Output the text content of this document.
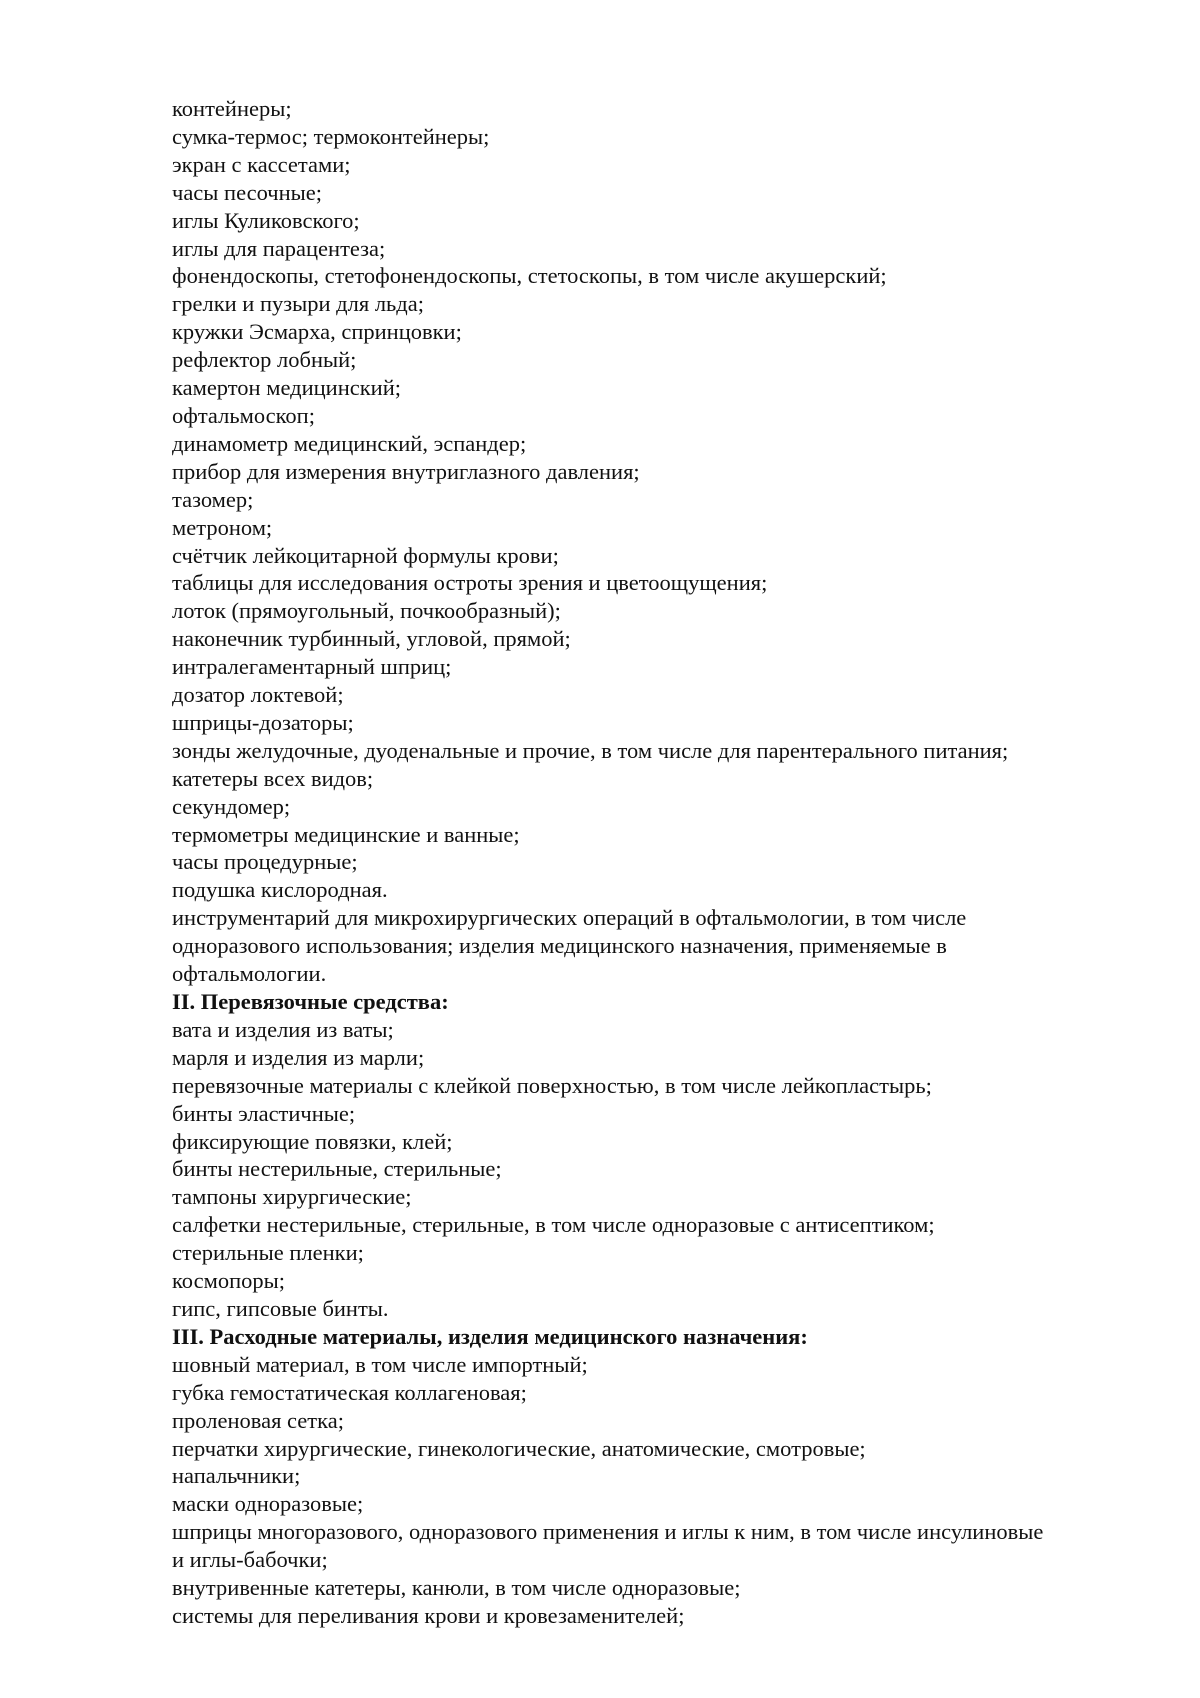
контейнеры;
сумка-термос; термоконтейнеры;
экран с кассетами;
часы песочные;
иглы Куликовского;
иглы для парацентеза;
фонендоскопы, стетофонендоскопы, стетоскопы, в том числе акушерский;
грелки и пузыри для льда;
кружки Эсмарха, спринцовки;
рефлектор лобный;
камертон медицинский;
офтальмоскоп;
динамометр медицинский, эспандер;
прибор для измерения внутриглазного давления;
тазомер;
метроном;
счётчик лейкоцитарной формулы крови;
таблицы для исследования остроты зрения и цветоощущения;
лоток (прямоугольный, почкообразный);
наконечник турбинный, угловой, прямой;
интралегаментарный шприц;
дозатор локтевой;
шприцы-дозаторы;
зонды желудочные, дуоденальные и прочие, в том числе для парентерального питания;
катетеры всех видов;
секундомер;
термометры медицинские и ванные;
часы процедурные;
подушка кислородная.
инструментарий для микрохирургических операций в офтальмологии, в том числе
одноразового использования; изделия медицинского назначения, применяемые в
офтальмологии.
II. Перевязочные средства:
вата и изделия из ваты;
марля и изделия из марли;
перевязочные материалы с клейкой поверхностью, в том числе лейкопластырь;
бинты эластичные;
фиксирующие повязки, клей;
бинты нестерильные, стерильные;
тампоны хирургические;
салфетки нестерильные, стерильные, в том числе одноразовые с антисептиком;
стерильные пленки;
космопоры;
гипс, гипсовые бинты.
III. Расходные материалы, изделия медицинского назначения:
шовный материал, в том числе импортный;
губка гемостатическая коллагеновая;
проленовая сетка;
перчатки хирургические, гинекологические, анатомические, смотровые;
напальчники;
маски одноразовые;
шприцы многоразового, одноразового применения и иглы к ним, в том числе инсулиновые
и иглы-бабочки;
внутривенные катетеры, канюли, в том числе одноразовые;
системы для переливания крови и кровезаменителей;
